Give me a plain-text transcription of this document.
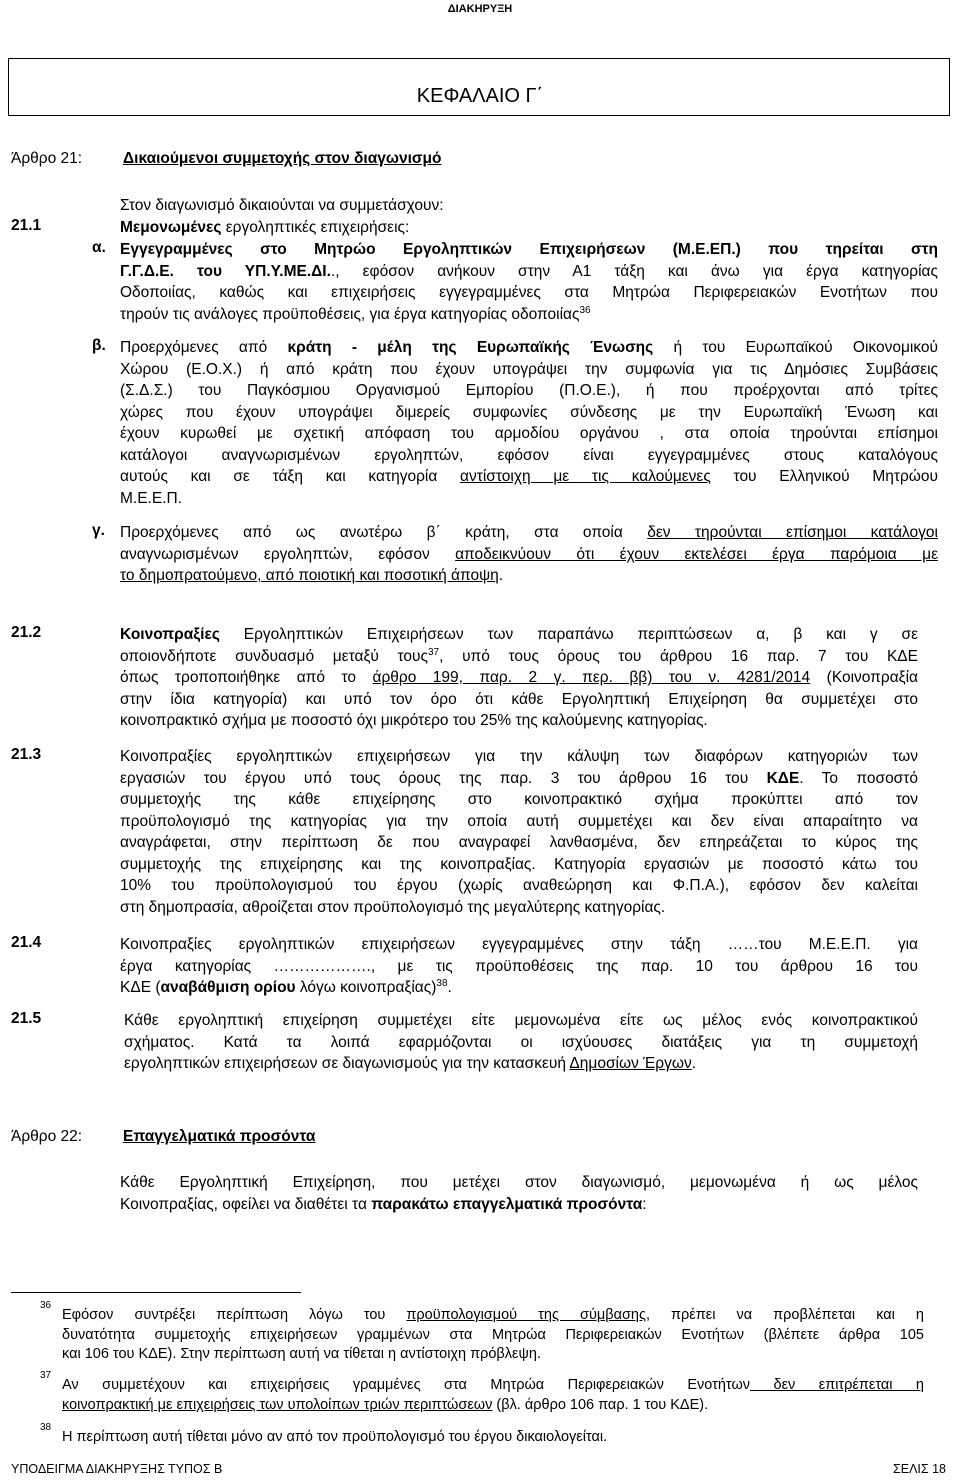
ΔΙΑΚΗΡΥΞΗ
ΚΕΦΑΛΑΙΟ Γ΄
Άρθρο 21:	Δικαιούμενοι συμμετοχής στον διαγωνισμό
Στον διαγωνισμό δικαιούνται να συμμετάσχουν:
21.1	Μεμονωμένες εργοληπτικές επιχειρήσεις:
α. Εγγεγραμμένες στο Μητρώο Εργοληπτικών Επιχειρήσεων (Μ.Ε.ΕΠ.) που τηρείται στη
Γ.Γ.Δ.Ε. του ΥΠ.Υ.ΜΕ.ΔΙ.., εφόσον ανήκουν στην Α1 τάξη και άνω για έργα κατηγορίας
Οδοποιίας, καθώς και επιχειρήσεις εγγεγραμμένες στα Μητρώα Περιφερειακών Ενοτήτων που
τηρούν τις ανάλογες προϋποθέσεις, για έργα κατηγορίας οδοποιίας$^{36}$
β. Προερχόμενες από κράτη - μέλη της Ευρωπαϊκής Ένωσης ή του Ευρωπαϊκού Οικονομικού
Χώρου (Ε.Ο.Χ.) ή από κράτη που έχουν υπογράψει την συμφωνία για τις Δημόσιες Συμβάσεις
(Σ.Δ.Σ.) του Παγκόσμιου Οργανισμού Εμπορίου (Π.Ο.Ε.), ή που προέρχονται από τρίτες
χώρες που έχουν υπογράψει διμερείς συμφωνίες σύνδεσης με την Ευρωπαϊκή Ένωση και
έχουν κυρωθεί με σχετική απόφαση του αρμοδίου οργάνου , στα οποία τηρούνται επίσημοι
κατάλογοι αναγνωρισμένων εργοληπτών, εφόσον είναι εγγεγραμμένες στους καταλόγους
αυτούς και σε τάξη και κατηγορία αντίστοιχη με τις καλούμενες του Ελληνικού Μητρώου
Μ.Ε.Ε.Π.
γ. Προερχόμενες από ως ανωτέρω β΄ κράτη, στα οποία δεν τηρούνται επίσημοι κατάλογοι
αναγνωρισμένων εργοληπτών, εφόσον αποδεικνύουν ότι έχουν εκτελέσει έργα παρόμοια με
το δημοπρατούμενο, από ποιοτική και ποσοτική άποψη.
21.2	Κοινοπραξίες Εργοληπτικών Επιχειρήσεων των παραπάνω περιπτώσεων α, β και γ σε
οποιονδήποτε συνδυασμό μεταξύ τους$^{37}$, υπό τους όρους του άρθρου 16 παρ. 7 του ΚΔΕ
όπως τροποποιήθηκε από το άρθρο 199, παρ. 2 γ. περ. ββ) του ν. 4281/2014 (Κοινοπραξία
στην ίδια κατηγορία) και υπό τον όρο ότι κάθε Εργοληπτική Επιχείρηση θα συμμετέχει στο
κοινοπρακτικό σχήμα με ποσοστό όχι μικρότερο του 25% της καλούμενης κατηγορίας.
21.3	Κοινοπραξίες εργοληπτικών επιχειρήσεων για την κάλυψη των διαφόρων κατηγοριών των
εργασιών του έργου υπό τους όρους της παρ. 3 του άρθρου 16 του ΚΔΕ. Το ποσοστό
συμμετοχής της κάθε επιχείρησης στο κοινοπρακτικό σχήμα προκύπτει από τον
προϋπολογισμό της κατηγορίας για την οποία αυτή συμμετέχει και δεν είναι απαραίτητο να
αναγράφεται, στην περίπτωση δε που αναγραφεί λανθασμένα, δεν επηρεάζεται το κύρος της
συμμετοχής της επιχείρησης και της κοινοπραξίας. Κατηγορία εργασιών με ποσοστό κάτω του
10% του προϋπολογισμού του έργου (χωρίς αναθεώρηση και Φ.Π.Α.), εφόσον δεν καλείται
στη δημοπρασία, αθροίζεται στον προϋπολογισμό της μεγαλύτερης κατηγορίας.
21.4	Κοινοπραξίες εργοληπτικών επιχειρήσεων εγγεγραμμένες στην τάξη ……του Μ.Ε.Ε.Π. για
έργα κατηγορίας ………………., με τις προϋποθέσεις της παρ. 10 του άρθρου 16 του
ΚΔΕ (αναβάθμιση ορίου λόγω κοινοπραξίας)$^{38}$.
21.5	Κάθε εργοληπτική επιχείρηση συμμετέχει είτε μεμονωμένα είτε ως μέλος ενός κοινοπρακτικού
σχήματος. Κατά τα λοιπά εφαρμόζονται οι ισχύουσες διατάξεις για τη συμμετοχή
εργοληπτικών επιχειρήσεων σε διαγωνισμούς για την κατασκευή Δημοσίων Έργων.
Άρθρο 22:	Επαγγελματικά προσόντα
Κάθε Εργοληπτική Επιχείρηση, που μετέχει στον διαγωνισμό, μεμονωμένα ή ως μέλος
Κοινοπραξίας, οφείλει να διαθέτει τα παρακάτω επαγγελματικά προσόντα:
36
Εφόσον συντρέξει περίπτωση λόγω του προϋπολογισμού της σύμβασης, πρέπει να προβλέπεται και η
δυνατότητα συμμετοχής επιχειρήσεων γραμμένων στα Μητρώα Περιφερειακών Ενοτήτων (βλέπετε άρθρα 105
και 106 του ΚΔΕ). Στην περίπτωση αυτή να τίθεται η αντίστοιχη πρόβλεψη.
37
Αν συμμετέχουν και επιχειρήσεις γραμμένες στα Μητρώα Περιφερειακών Ενοτήτων δεν επιτρέπεται η
κοινοπρακτική με επιχειρήσεις των υπολοίπων τριών περιπτώσεων (βλ. άρθρο 106 παρ. 1 του ΚΔΕ).
38
Η περίπτωση αυτή τίθεται μόνο αν από τον προϋπολογισμό του έργου δικαιολογείται.
ΥΠΟΔΕΙΓΜΑ ΔΙΑΚΗΡΥΞΗΣ ΤΥΠΟΣ Β	ΣΕΛΙΣ 18
